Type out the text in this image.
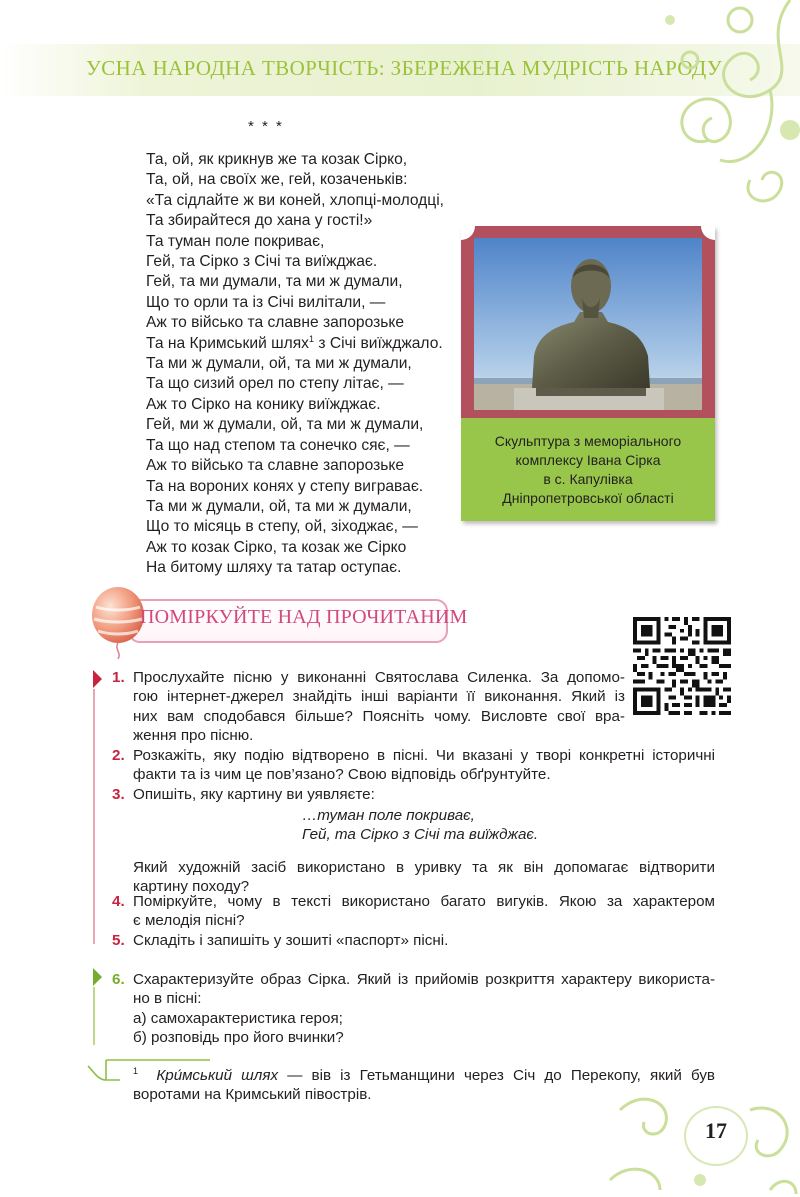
УСНА НАРОДНА ТВОРЧІСТЬ: ЗБЕРЕЖЕНА МУДРІСТЬ НАРОДУ
* * *
Та, ой, як крикнув же та козак Сірко,
Та, ой, на своїх же, гей, козаченьків:
«Та сідлайте ж ви коней, хлопці-молодці,
Та збирайтеся до хана у гості!»
Та туман поле покриває,
Гей, та Сірко з Січі та виїжджає.
Гей, та ми думали, та ми ж думали,
Що то орли та із Січі вилітали, —
Аж то військо та славне запорозьке
Та на Кримський шлях$^1$ з Січі виїжджало.
Та ми ж думали, ой, та ми ж думали,
Та що сизий орел по степу літає, —
Аж то Сірко на конику виїжджає.
Гей, ми ж думали, ой, та ми ж думали,
Та що над степом та сонечко сяє, —
Аж то військо та славне запорозьке
Та на вороних конях у степу виграває.
Та ми ж думали, ой, та ми ж думали,
Що то місяць в степу, ой, зіходжає, —
Аж то козак Сірко, та козак же Сірко
На битому шляху та татар оступає.
Скульптура з меморіального
комплексу Івана Сірка
в с. Капулівка
Дніпропетровської області
ПОМІРКУЙТЕ НАД ПРОЧИТАНИМ
1. Прослухайте пісню у виконанні Святослава Силенка. За допомо-
гою інтернет-джерел знайдіть інші варіанти її виконання. Який із
них вам сподобався більше? Поясніть чому. Висловте свої вра-
ження про пісню.
2. Розкажіть, яку подію відтворено в пісні. Чи вказані у творі конкретні історичні
факти та із чим це пов’язано? Свою відповідь обґрунтуйте.
3. Опишіть, яку картину ви уявляєте:
…туман поле покриває,
Гей, та Сірко з Січі та виїжджає.
Який художній засіб використано в уривку та як він допомагає відтворити
картину походу?
4. Поміркуйте, чому в тексті використано багато вигуків. Якою за характером
є мелодія пісні?
5. Складіть і запишіть у зошиті «паспорт» пісні.
6. Схарактеризуйте образ Сірка. Який із прийомів розкриття характеру використа-
но в пісні:
а) самохарактеристика героя;
б) розповідь про його вчинки?
$^1$ Кри́мський шлях — вів із Гетьманщини через Січ до Перекопу, який був
воротами на Кримський півострів.
17
